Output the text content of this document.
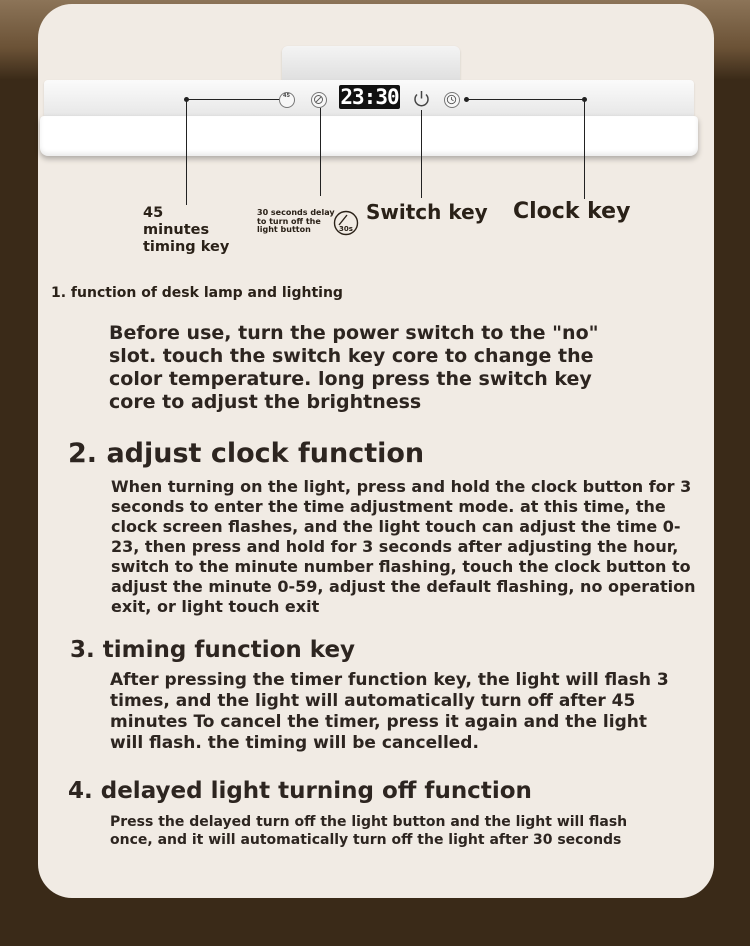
45 23:30
45 minutes timing key
30 seconds delay to turn off the light button	30s
Switch key Clock key
1. function of desk lamp and lighting

Before use, turn the power switch to the "no" slot. touch the switch key core to change the color temperature. long press the switch key core to adjust the brightness

2. adjust clock function

When turning on the light, press and hold the clock button for 3 seconds to enter the time adjustment mode. at this time, the clock screen flashes, and the light touch can adjust the time 0-23, then press and hold for 3 seconds after adjusting the hour, switch to the minute number flashing, touch the clock button to adjust the minute 0-59, adjust the default flashing, no operation exit, or light touch exit

3. timing function key

After pressing the timer function key, the light will flash 3 times, and the light will automatically turn off after 45 minutes To cancel the timer, press it again and the light will flash. the timing will be cancelled.

4. delayed light turning off function

Press the delayed turn off the light button and the light will flash once, and it will automatically turn off the light after 30 seconds
